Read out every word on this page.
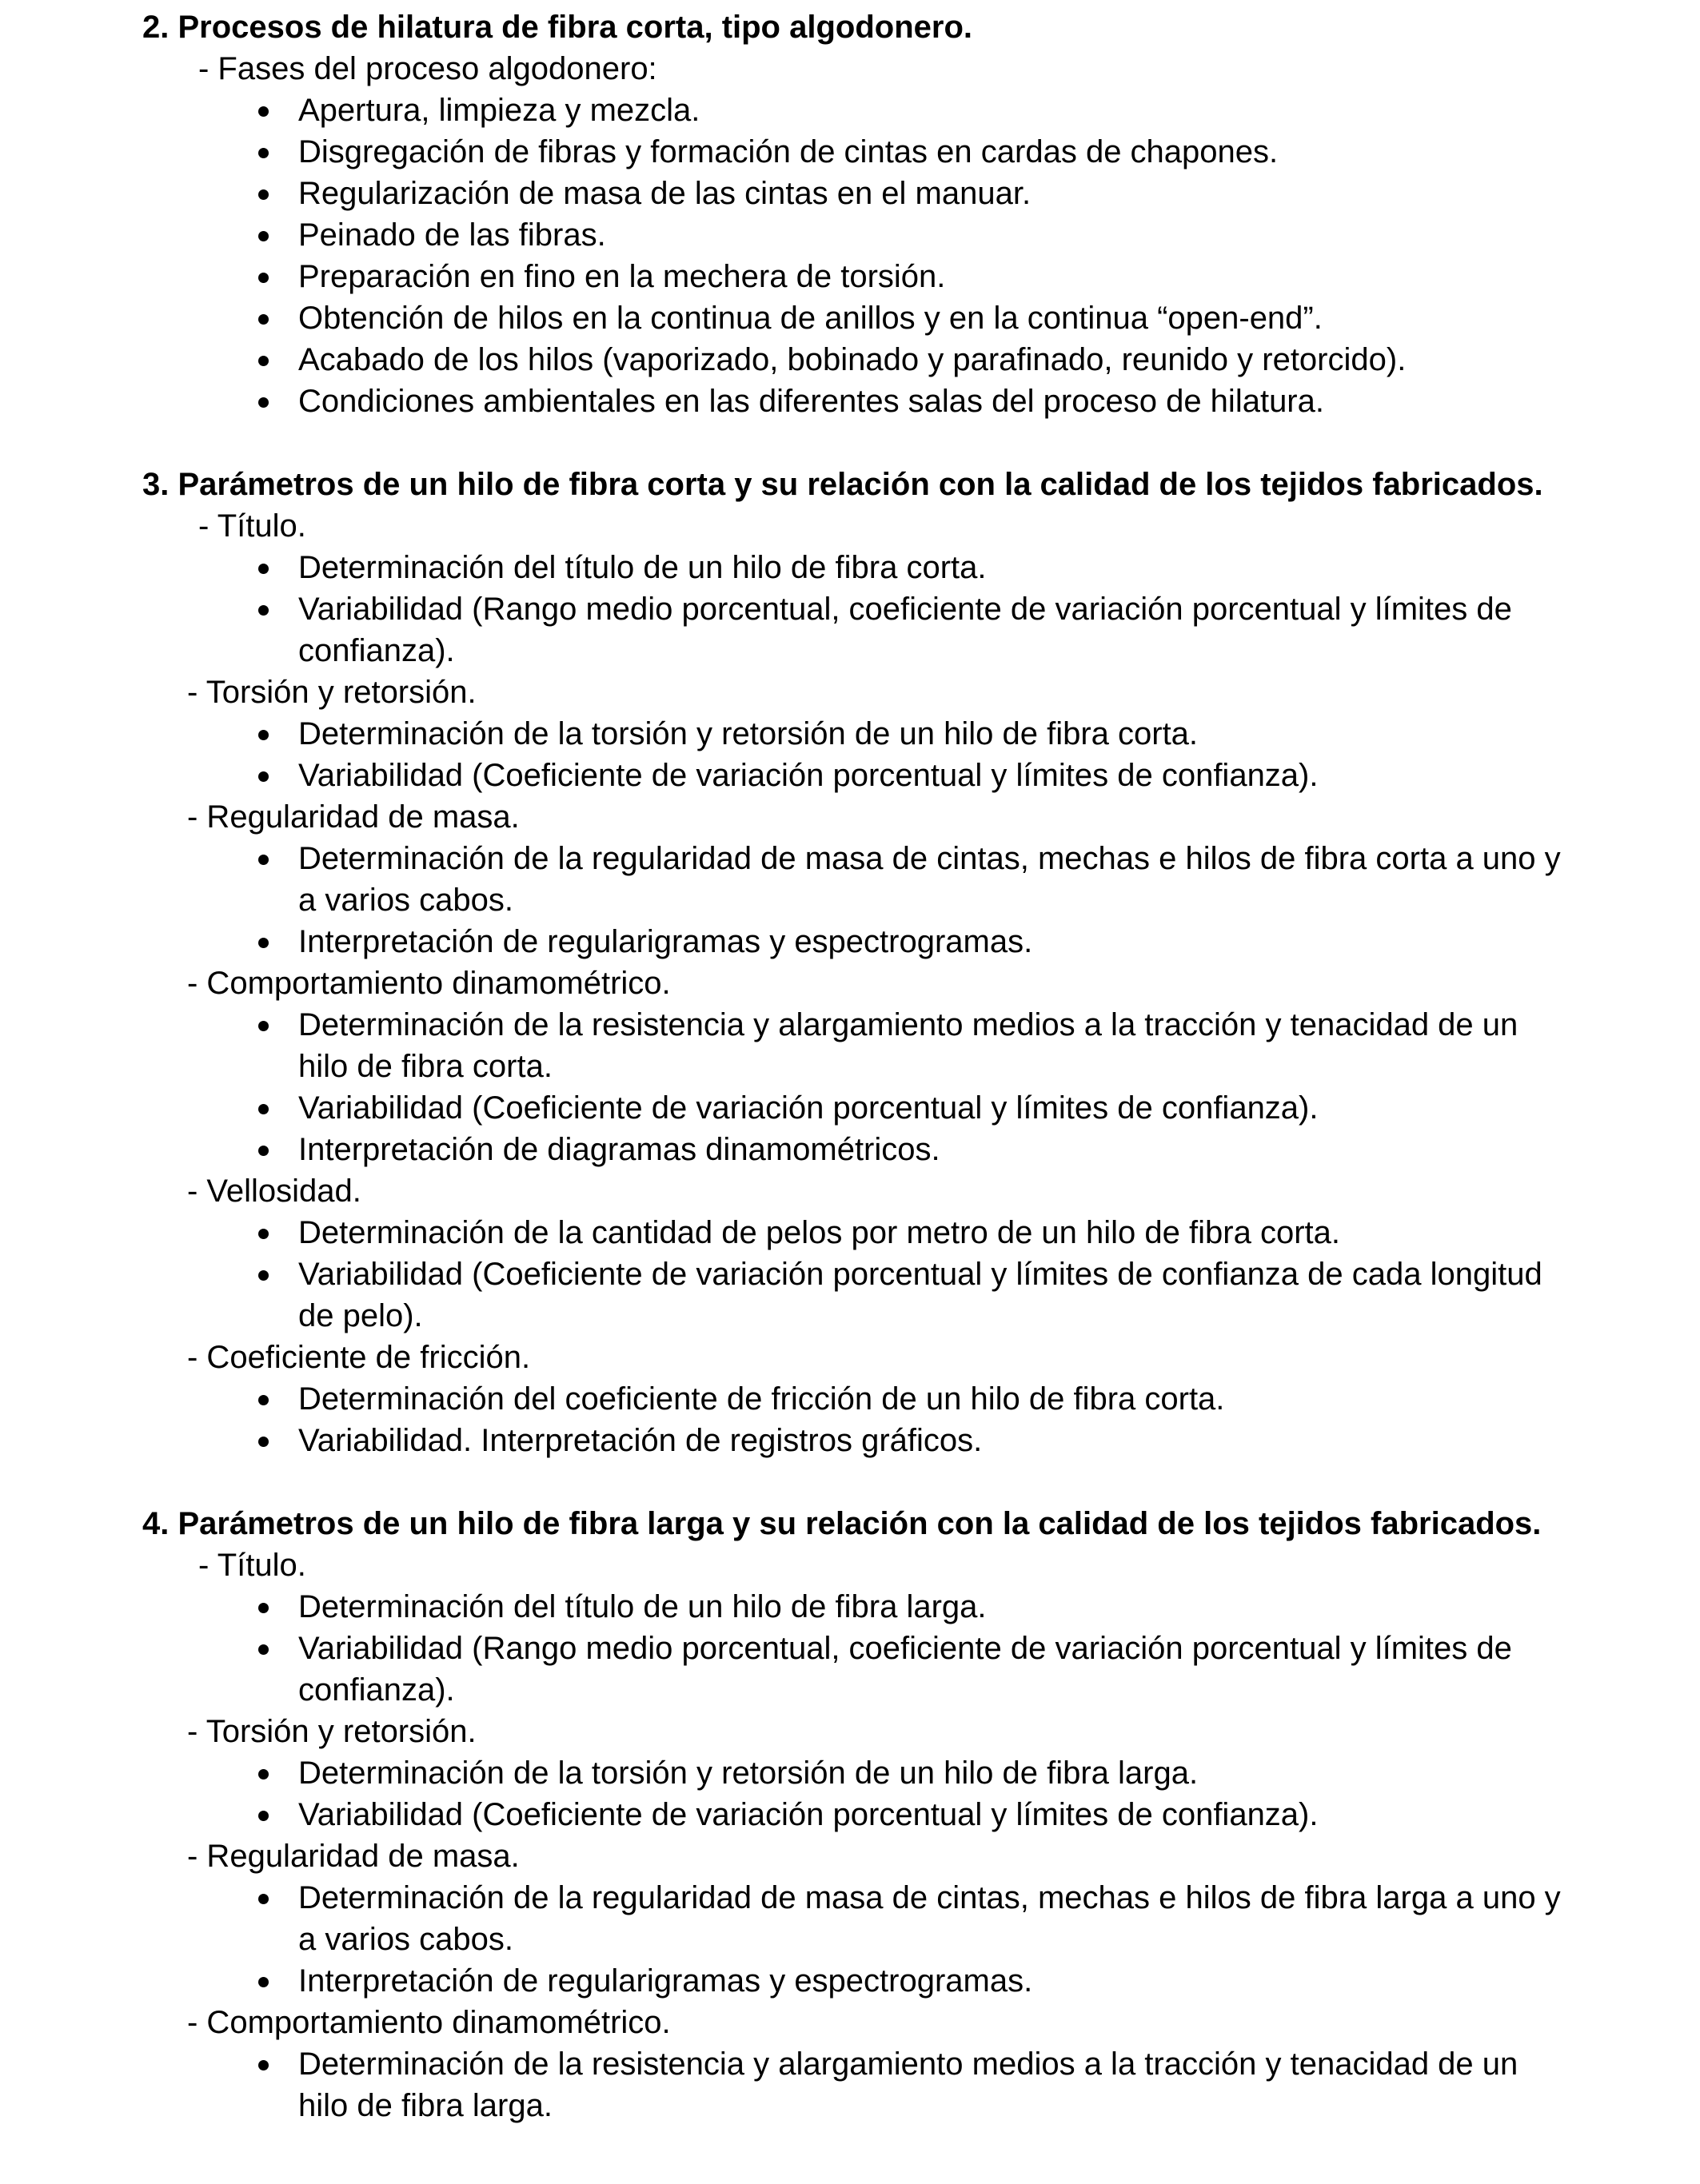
2. Procesos de hilatura de fibra corta, tipo algodonero.

- Fases del proceso algodonero:

Apertura, limpieza y mezcla.
Disgregación de fibras y formación de cintas en cardas de chapones.
Regularización de masa de las cintas en el manuar.
Peinado de las fibras.
Preparación en fino en la mechera de torsión.
Obtención de hilos en la continua de anillos y en la continua “open-end”.
Acabado de los hilos (vaporizado, bobinado y parafinado, reunido y retorcido).
Condiciones ambientales en las diferentes salas del proceso de hilatura.

3. Parámetros de un hilo de fibra corta y su relación con la calidad de los tejidos fabricados.

- Título.

Determinación del título de un hilo de fibra corta.
Variabilidad (Rango medio porcentual, coeficiente de variación porcentual y límites de confianza).

- Torsión y retorsión.

Determinación de la torsión y retorsión de un hilo de fibra corta.
Variabilidad (Coeficiente de variación porcentual y límites de confianza).

- Regularidad de masa.

Determinación de la regularidad de masa de cintas, mechas e hilos de fibra corta a uno y a varios cabos.
Interpretación de regularigramas y espectrogramas.

- Comportamiento dinamométrico.

Determinación de la resistencia y alargamiento medios a la tracción y tenacidad de un hilo de fibra corta.
Variabilidad (Coeficiente de variación porcentual y límites de confianza).
Interpretación de diagramas dinamométricos.

- Vellosidad.

Determinación de la cantidad de pelos por metro de un hilo de fibra corta.
Variabilidad (Coeficiente de variación porcentual y límites de confianza de cada longitud de pelo).

- Coeficiente de fricción.

Determinación del coeficiente de fricción de un hilo de fibra corta.
Variabilidad. Interpretación de registros gráficos.

4. Parámetros de un hilo de fibra larga y su relación con la calidad de los tejidos fabricados.

- Título.

Determinación del título de un hilo de fibra larga.
Variabilidad (Rango medio porcentual, coeficiente de variación porcentual y límites de confianza).

- Torsión y retorsión.

Determinación de la torsión y retorsión de un hilo de fibra larga.
Variabilidad (Coeficiente de variación porcentual y límites de confianza).

- Regularidad de masa.

Determinación de la regularidad de masa de cintas, mechas e hilos de fibra larga a uno y a varios cabos.
Interpretación de regularigramas y espectrogramas.

- Comportamiento dinamométrico.

Determinación de la resistencia y alargamiento medios a la tracción y tenacidad de un hilo de fibra larga.
